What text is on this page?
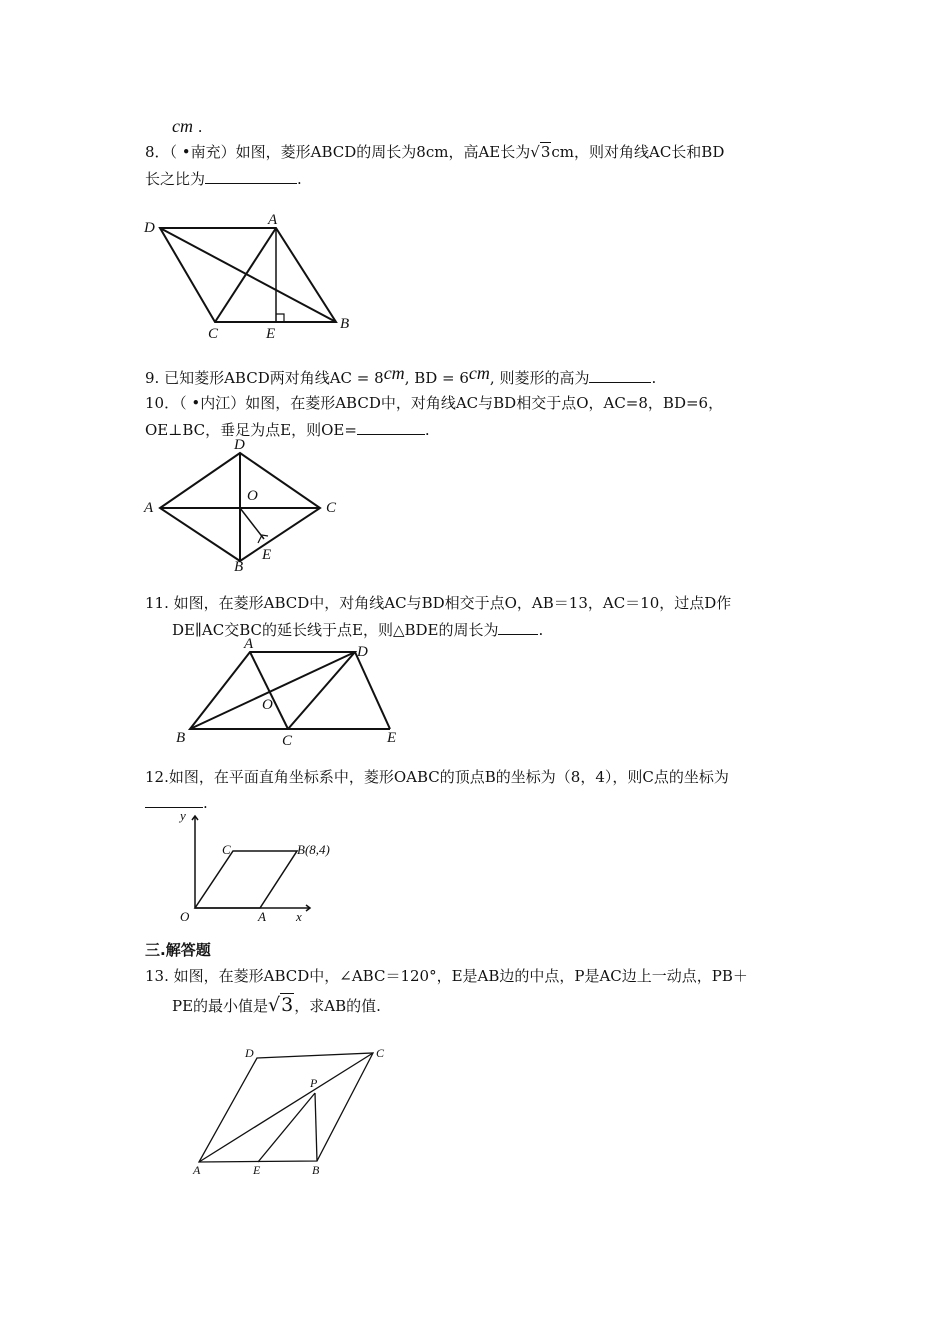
cm .
8．（ •南充）如图，菱形ABCD的周长为8cm，高AE长为√3cm，则对角线AC长和BD
长之比为	.
D	A
C	E
B
9. 已知菱形ABCD两对角线AC = 8cm, BD = 6cm, 则菱形的高为	.
10．（ •内江）如图，在菱形ABCD中，对角线AC与BD相交于点O，AC=8，BD=6，
OE⊥BC，垂足为点E，则OE=	.
D
O
A	C
E
B
11. 如图，在菱形ABCD中，对角线AC与BD相交于点O，AB＝13，AC＝10，过点D作
DE∥AC交BC的延长线于点E，则△BDE的周长为	.
A	D
O
B	C	E
12.如图，在平面直角坐标系中，菱形OABC的顶点B的坐标为（8，4），则C点的坐标为
.
y
C	B(8,4)
O	A x
三.解答题
13. 如图，在菱形ABCD中，∠ABC＝120°，E是AB边的中点，P是AC边上一动点，PB＋
PE的最小值是√3，求AB的值.
D	C
P
A	E	B
